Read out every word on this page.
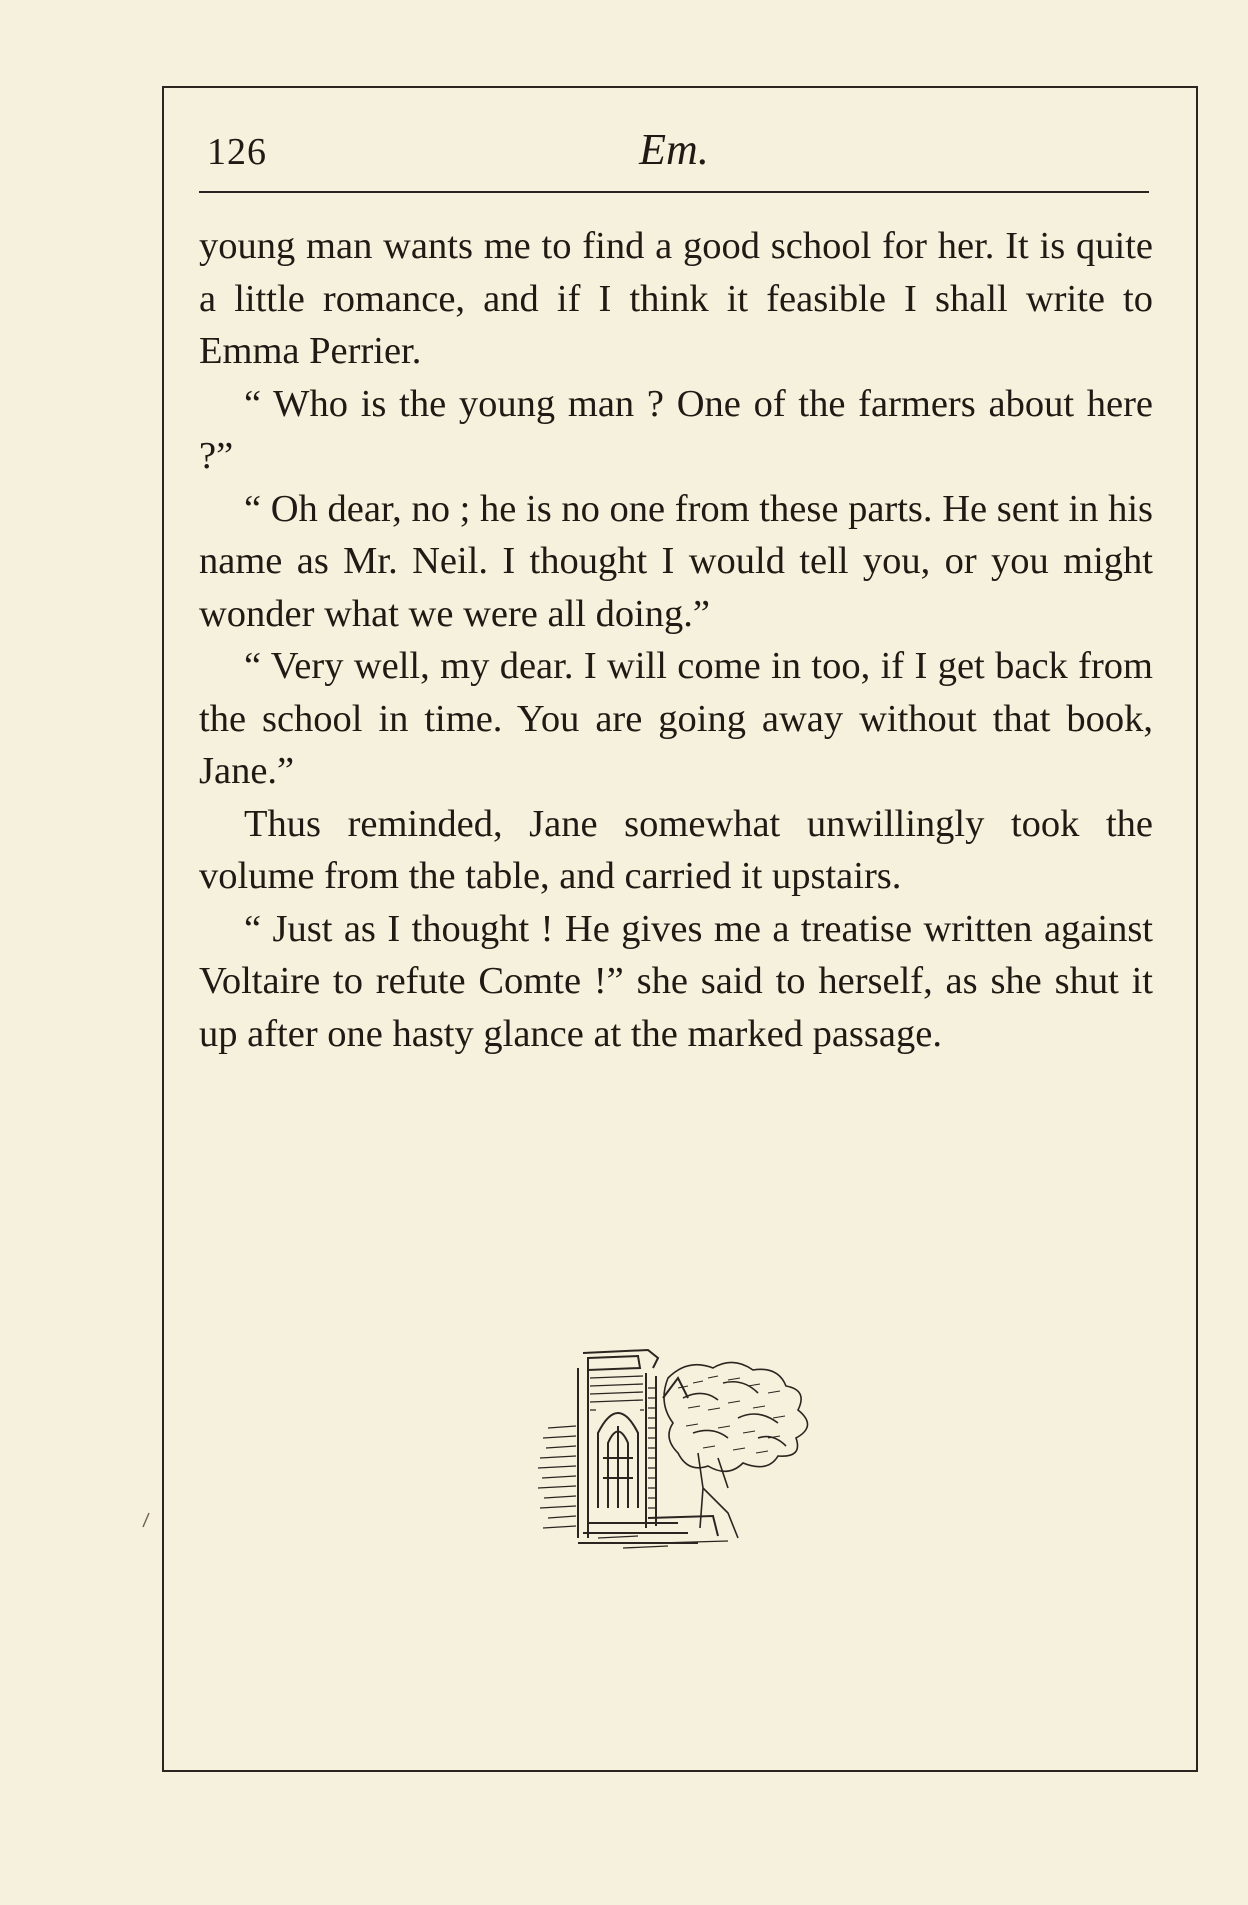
126	Em.

young man wants me to find a good school for her. It is quite a little romance, and if I think it feasible I shall write to Emma Perrier.

“ Who is the young man ? One of the farmers about here ?”

“ Oh dear, no ; he is no one from these parts. He sent in his name as Mr. Neil. I thought I would tell you, or you might wonder what we were all doing.”

“ Very well, my dear. I will come in too, if I get back from the school in time. You are going away without that book, Jane.”

Thus reminded, Jane somewhat unwillingly took the volume from the table, and carried it upstairs.

“ Just as I thought ! He gives me a treatise written against Voltaire to refute Comte !” she said to herself, as she shut it up after one hasty glance at the marked passage.
